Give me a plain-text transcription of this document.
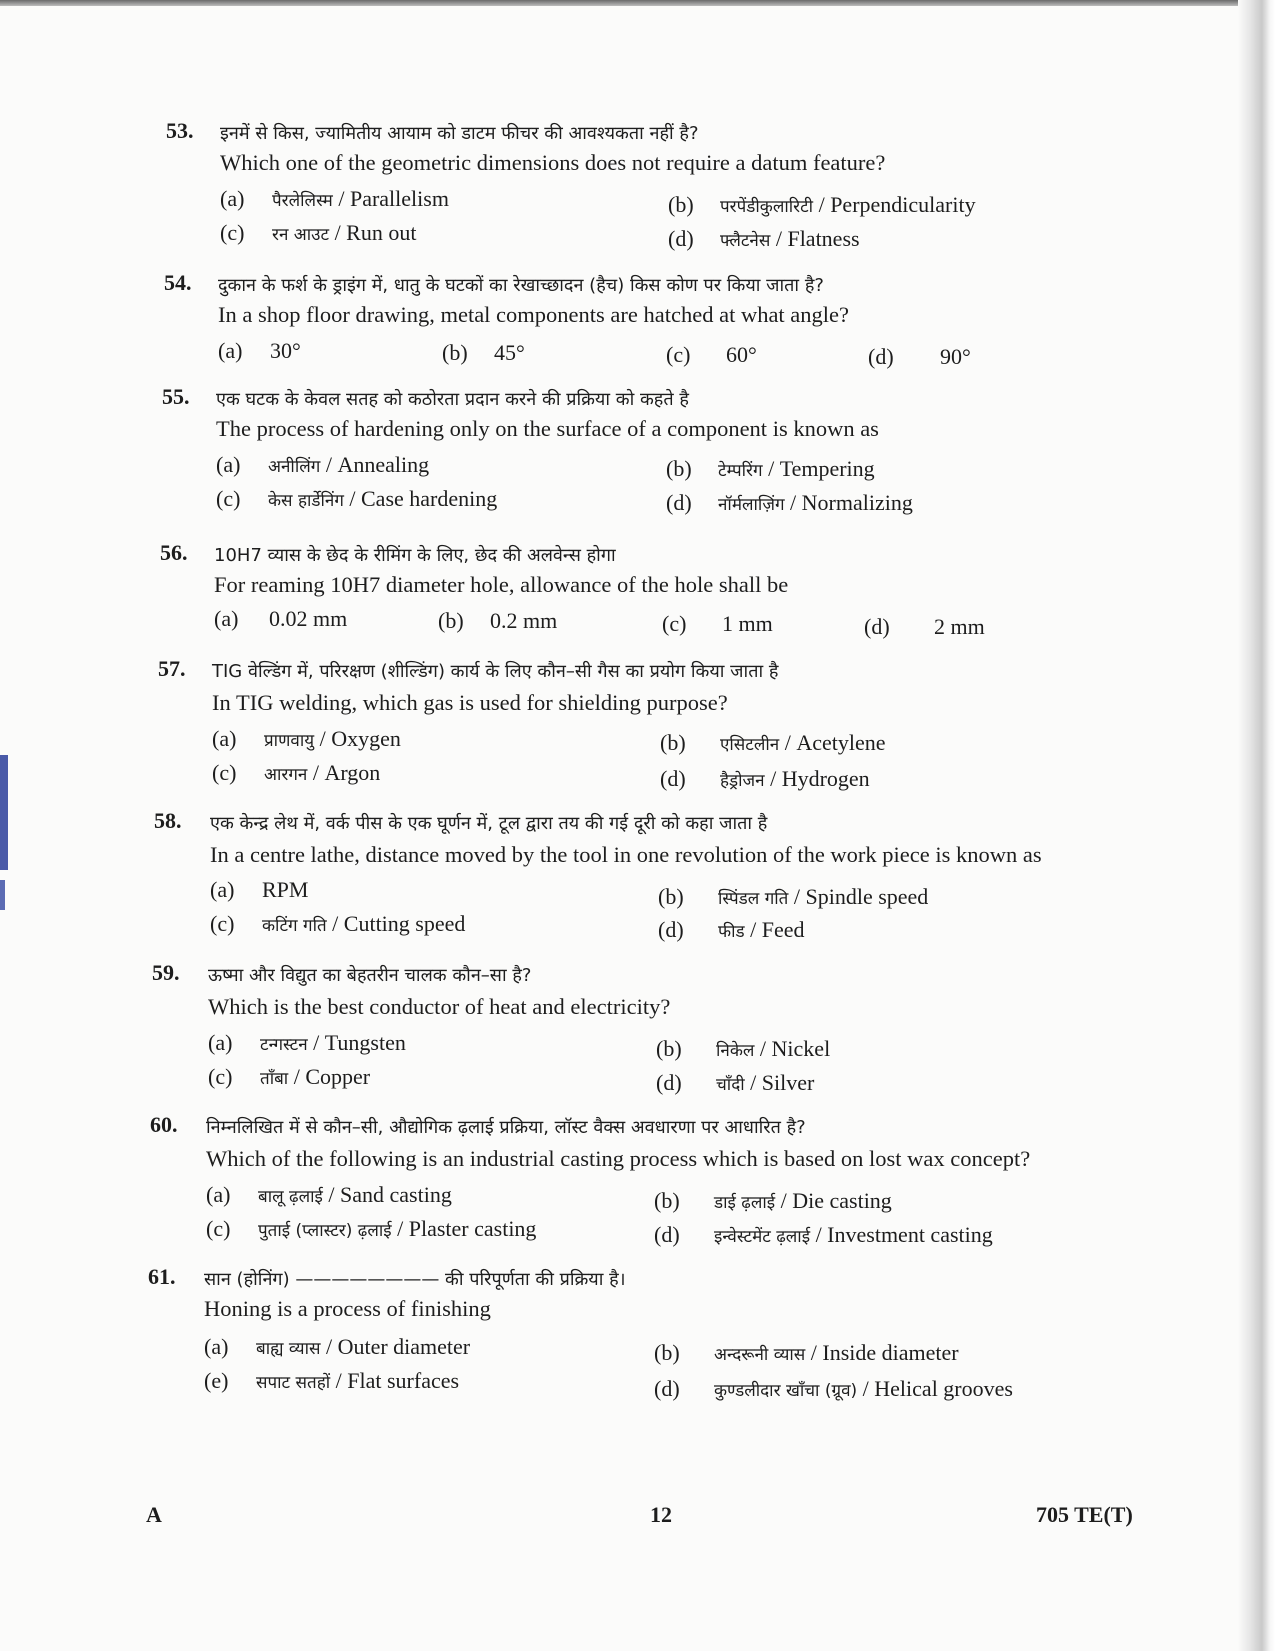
53. इनमें से किस, ज्यामितीय आयाम को डाटम फीचर की आवश्यकता नहीं है?
Which one of the geometric dimensions does not require a datum feature?
(a) पैरलेलिस्म / Parallelism	(b) परपेंडीकुलारिटी / Perpendicularity
(c) रन आउट / Run out	(d) फ्लैटनेस / Flatness
54. दुकान के फर्श के ड्राइंग में, धातु के घटकों का रेखाच्छादन (हैच) किस कोण पर किया जाता है?
In a shop floor drawing, metal components are hatched at what angle?
(a) 30°	(b) 45°	(c) 60°	(d) 90°
55. एक घटक के केवल सतह को कठोरता प्रदान करने की प्रक्रिया को कहते है
The process of hardening only on the surface of a component is known as
(a) अनीलिंग / Annealing	(b) टेम्परिंग / Tempering
(c) केस हार्डेनिंग / Case hardening	(d) नॉर्मलाज़िंग / Normalizing
56. 10H7 व्यास के छेद के रीमिंग के लिए, छेद की अलवेन्स होगा
For reaming 10H7 diameter hole, allowance of the hole shall be
(a) 0.02 mm	(b) 0.2 mm	(c) 1 mm	(d) 2 mm
57. TIG वेल्डिंग में, परिरक्षण (शील्डिंग) कार्य के लिए कौन–सी गैस का प्रयोग किया जाता है
In TIG welding, which gas is used for shielding purpose?
(a) प्राणवायु / Oxygen	(b) एसिटलीन / Acetylene
(c) आरगन / Argon	(d) हैड्रोजन / Hydrogen
58. एक केन्द्र लेथ में, वर्क पीस के एक घूर्णन में, टूल द्वारा तय की गई दूरी को कहा जाता है
In a centre lathe, distance moved by the tool in one revolution of the work piece is known as
(a) RPM	(b) स्पिंडल गति / Spindle speed
(c) कटिंग गति / Cutting speed	(d) फीड / Feed
59. ऊष्मा और विद्युत का बेहतरीन चालक कौन–सा है?
Which is the best conductor of heat and electricity?
(a) टन्गस्टन / Tungsten	(b) निकेल / Nickel
(c) ताँबा / Copper	(d) चाँदी / Silver
60. निम्नलिखित में से कौन–सी, औद्योगिक ढ़लाई प्रक्रिया, लॉस्ट वैक्स अवधारणा पर आधारित है?
Which of the following is an industrial casting process which is based on lost wax concept?
(a) बालू ढ़लाई / Sand casting	(b) डाई ढ़लाई / Die casting
(c) पुताई (प्लास्टर) ढ़लाई / Plaster casting	(d) इन्वेस्टमेंट ढ़लाई / Investment casting
61. सान (होनिंग) ———————— की परिपूर्णता की प्रक्रिया है।
Honing is a process of finishing
(a) बाह्य व्यास / Outer diameter	(b) अन्दरूनी व्यास / Inside diameter
(e) सपाट सतहों / Flat surfaces	(d) कुण्डलीदार खाँचा (ग्रूव) / Helical grooves
A	12	705 TE(T)
